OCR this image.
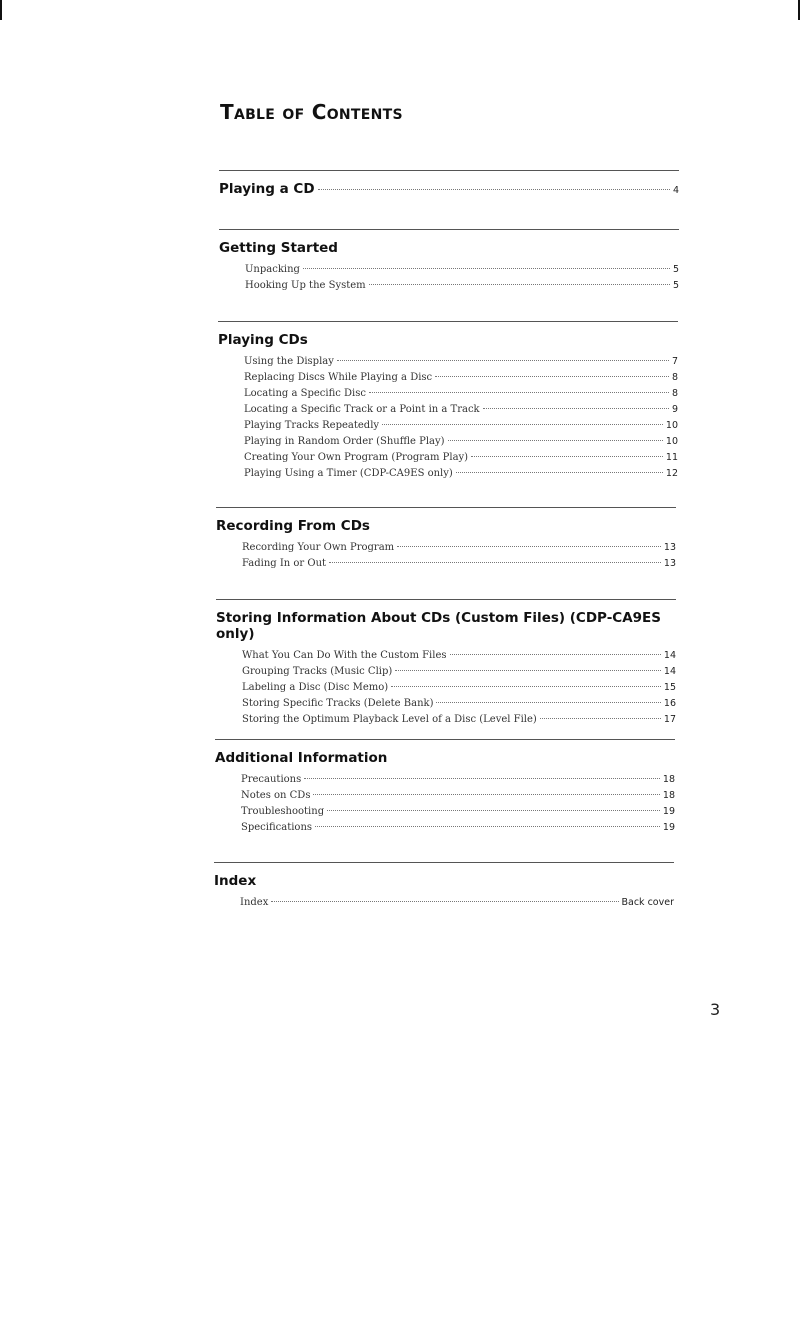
Table of Contents
Playing a CD	4
Getting Started
Unpacking	5
Hooking Up the System	5
Playing CDs
Using the Display	7
Replacing Discs While Playing a Disc	8
Locating a Specific Disc	8
Locating a Specific Track or a Point in a Track	9
Playing Tracks Repeatedly	10
Playing in Random Order (Shuffle Play)	10
Creating Your Own Program (Program Play)	11
Playing Using a Timer (CDP-CA9ES only)	12
Recording From CDs
Recording Your Own Program	13
Fading In or Out	13
Storing Information About CDs (Custom Files) (CDP-CA9ES only)
What You Can Do With the Custom Files	14
Grouping Tracks (Music Clip)	14
Labeling a Disc (Disc Memo)	15
Storing Specific Tracks (Delete Bank)	16
Storing the Optimum Playback Level of a Disc (Level File)	17
Additional Information
Precautions	18
Notes on CDs	18
Troubleshooting	19
Specifications	19
Index
Index	Back cover
3
